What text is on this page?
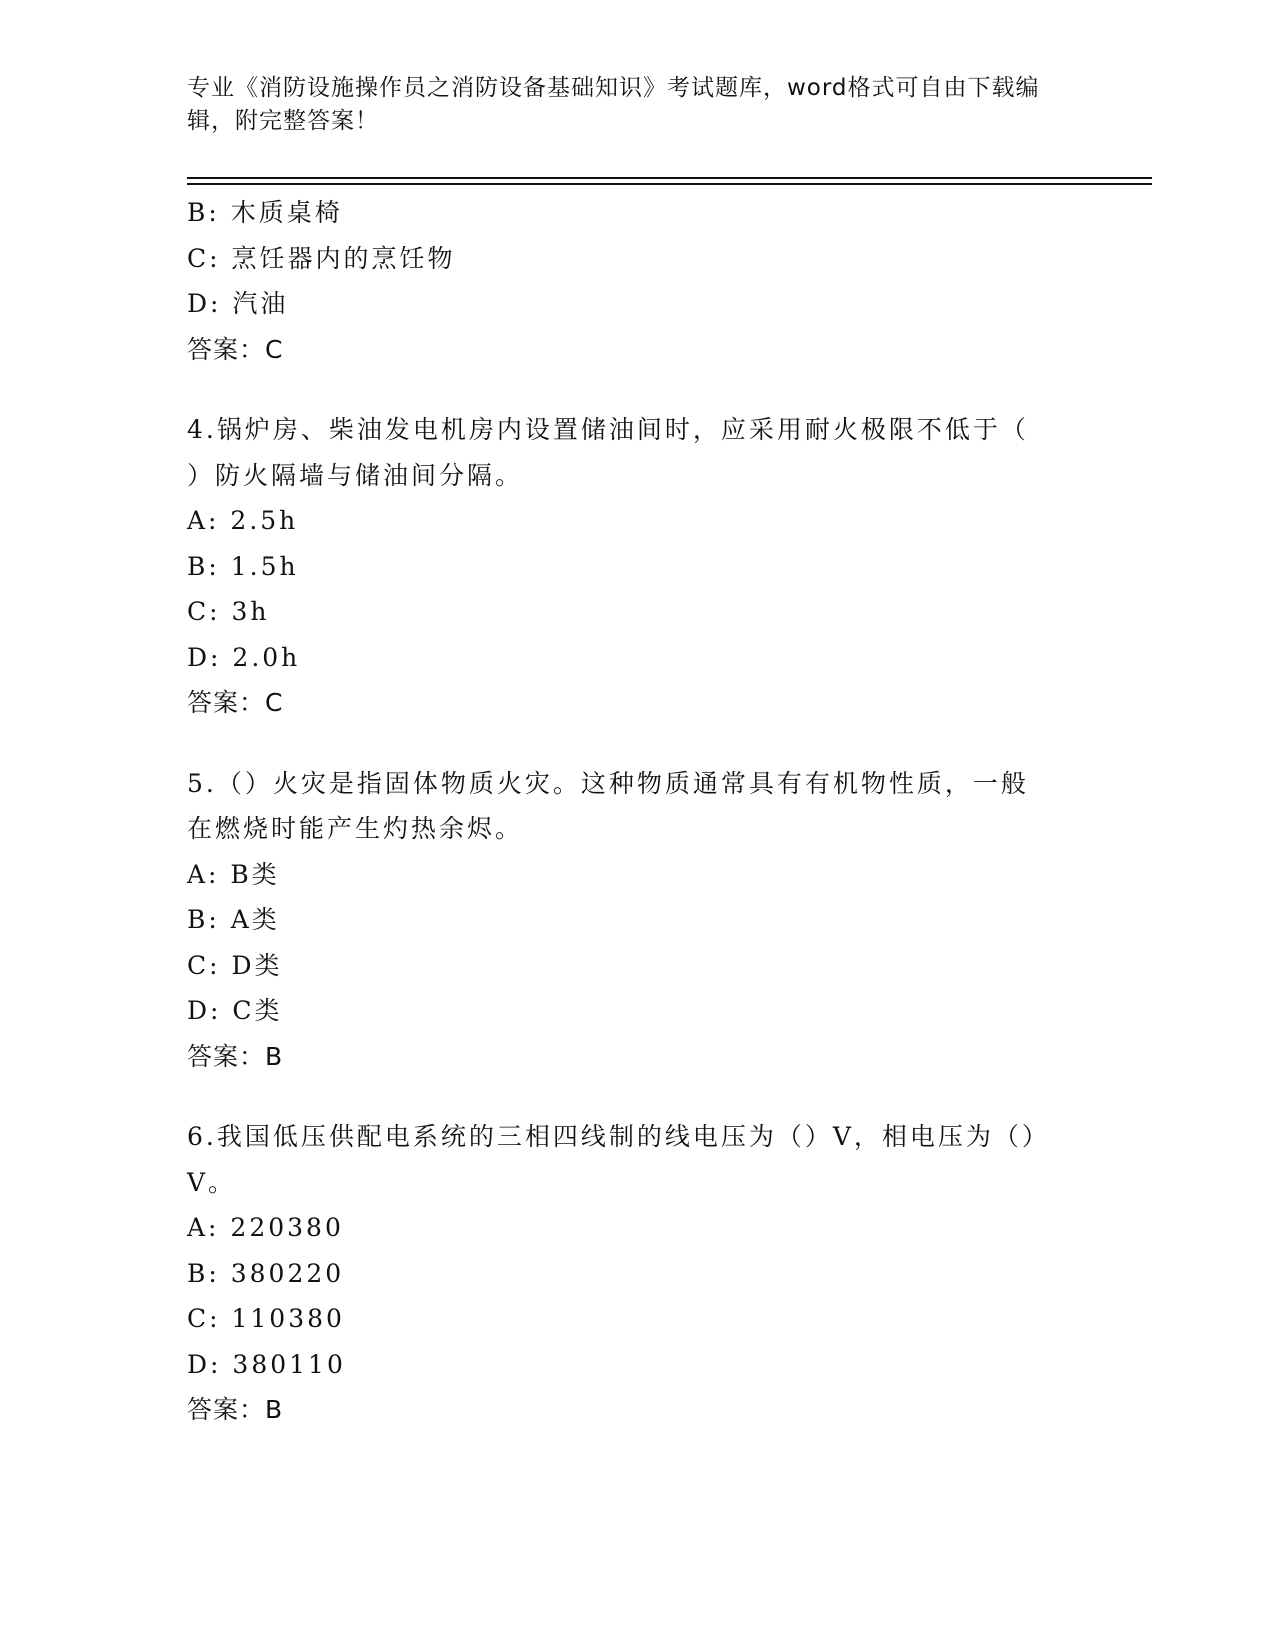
专业《消防设施操作员之消防设备基础知识》考试题库，word格式可自由下载编
辑，附完整答案！
B: 木质桌椅
C: 烹饪器内的烹饪物
D: 汽油
答案：C
4.锅炉房、柴油发电机房内设置储油间时，应采用耐火极限不低于（
）防火隔墙与储油间分隔。
A: 2.5h
B: 1.5h
C: 3h
D: 2.0h
答案：C
5.（）火灾是指固体物质火灾。这种物质通常具有有机物性质，一般
在燃烧时能产生灼热余烬。
A: B类
B: A类
C: D类
D: C类
答案：B
6.我国低压供配电系统的三相四线制的线电压为（）V，相电压为（）
V。
A: 220380
B: 380220
C: 110380
D: 380110
答案：B
